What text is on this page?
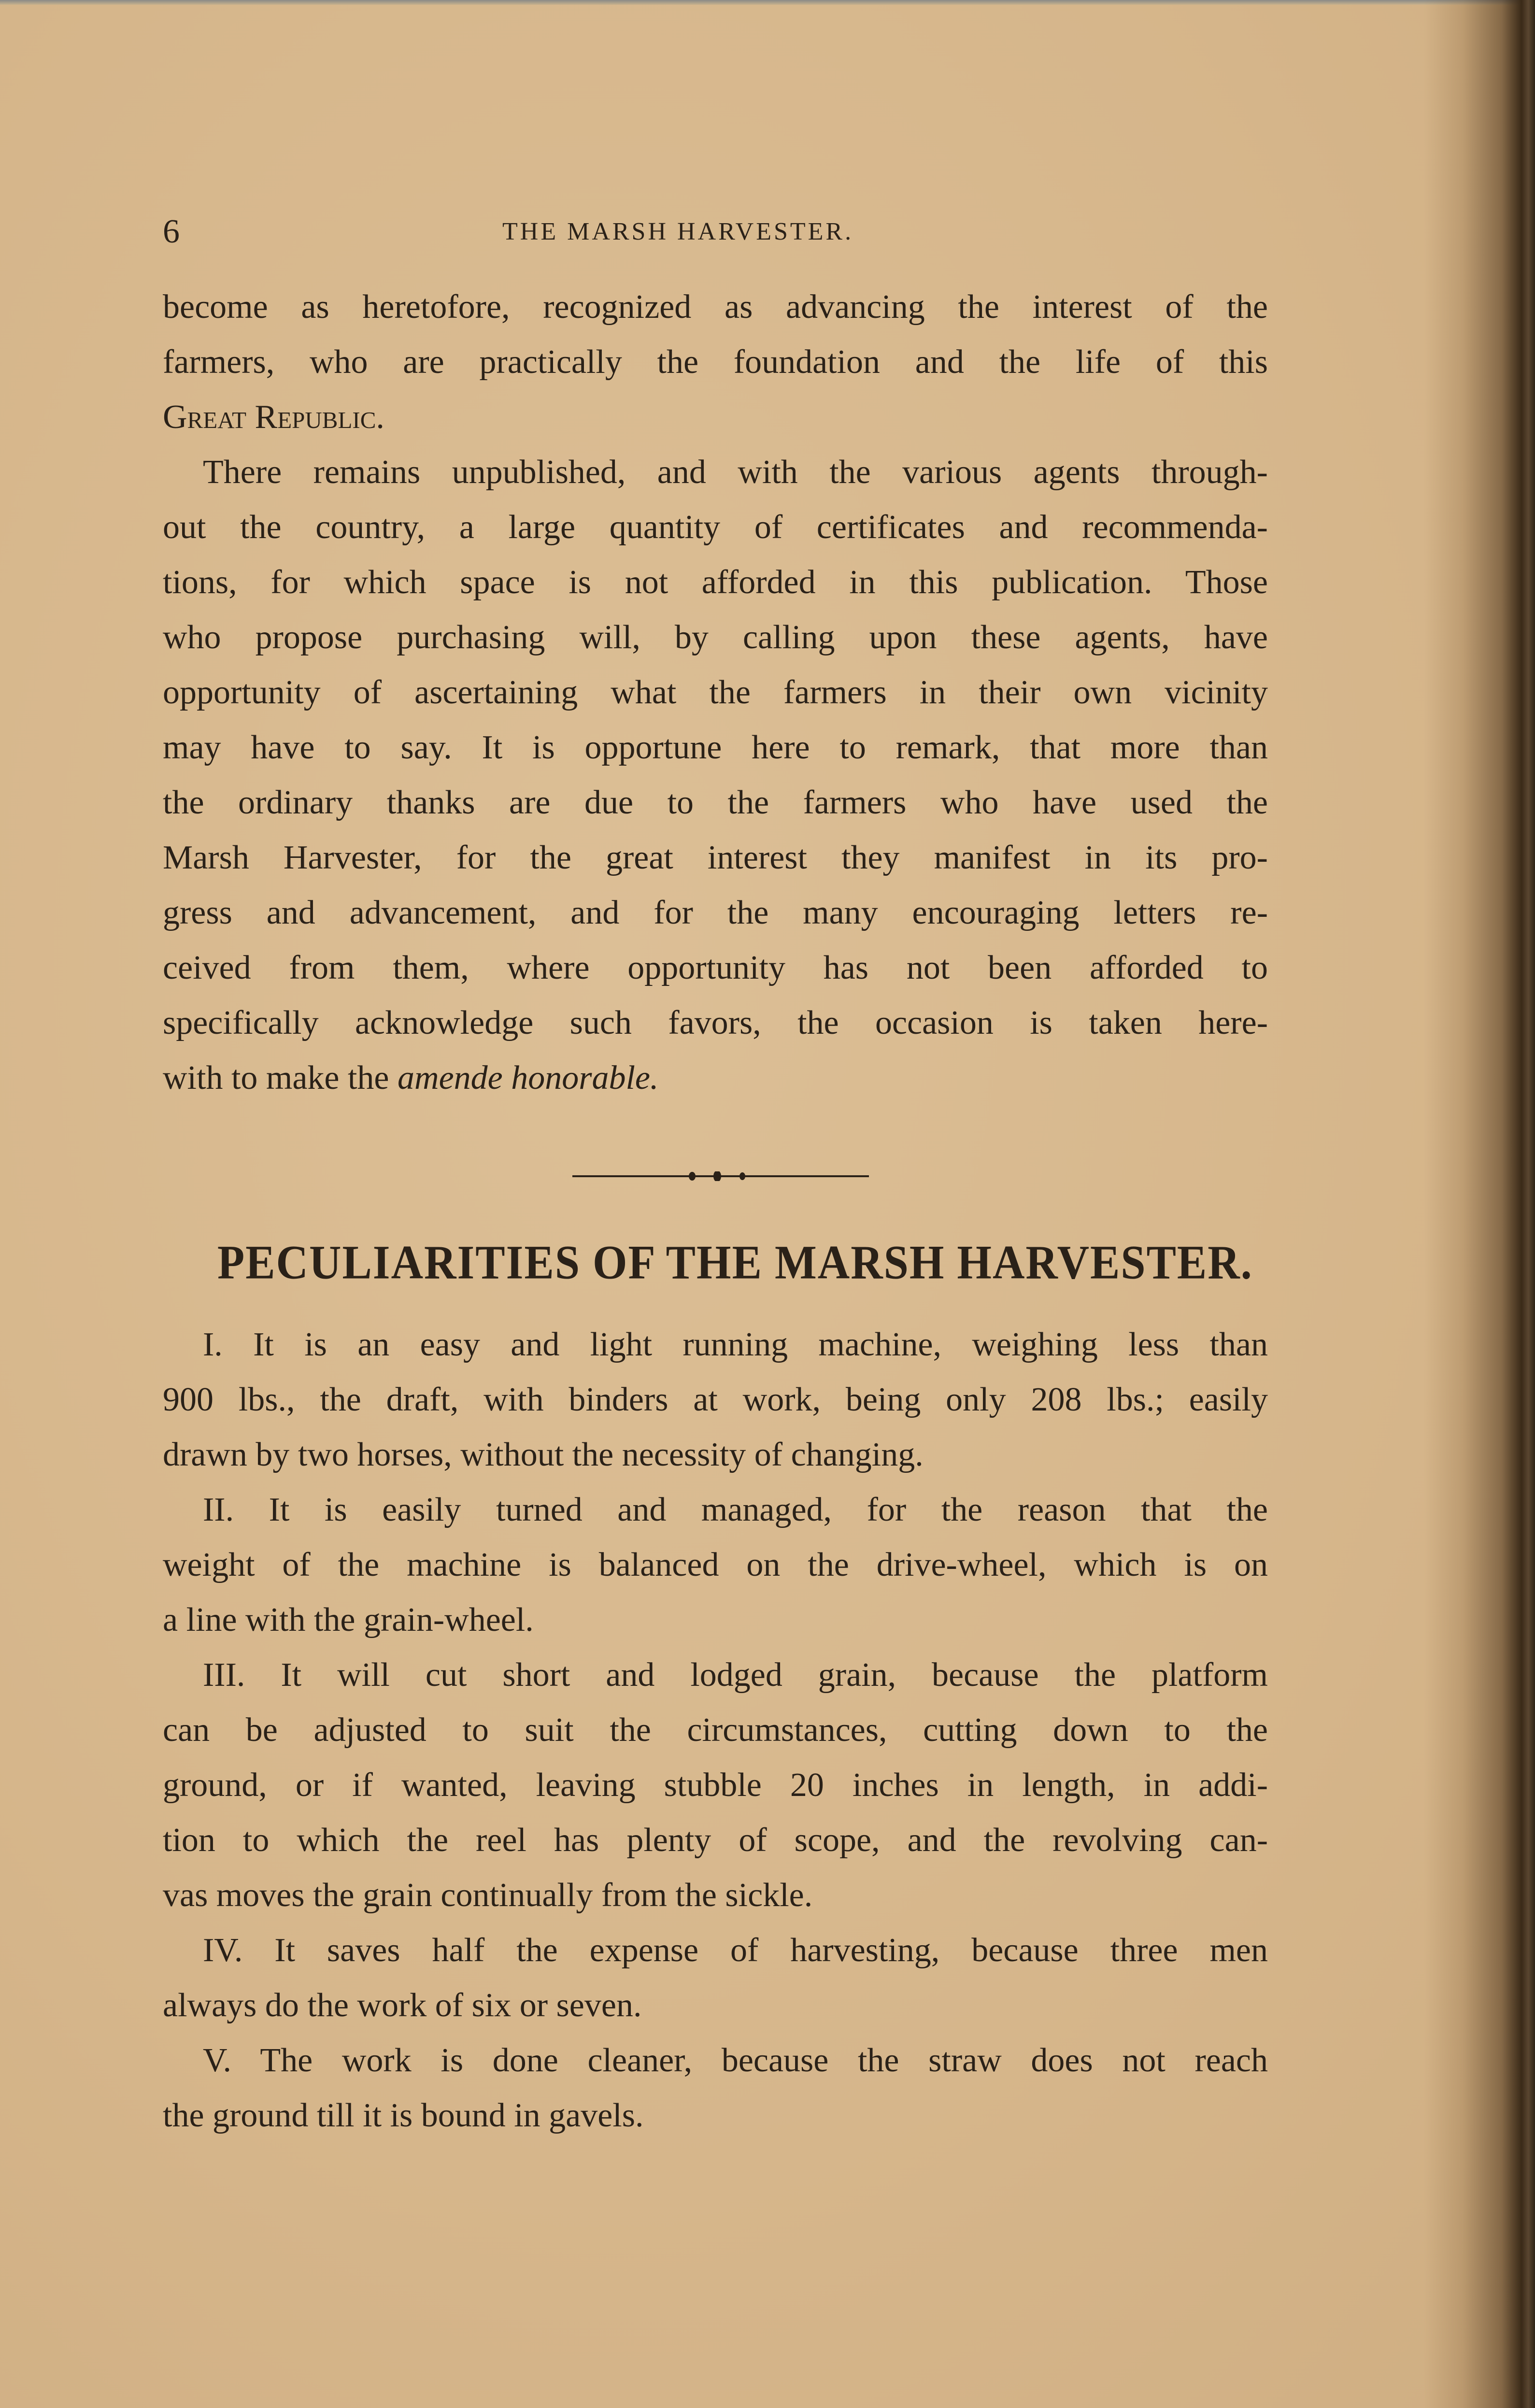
6	THE MARSH HARVESTER.
become as heretofore, recognized as advancing the interest of the
farmers, who are practically the foundation and the life of this
Great Republic.
There remains unpublished, and with the various agents through-
out the country, a large quantity of certificates and recommenda-
tions, for which space is not afforded in this publication. Those
who propose purchasing will, by calling upon these agents, have
opportunity of ascertaining what the farmers in their own vicinity
may have to say. It is opportune here to remark, that more than
the ordinary thanks are due to the farmers who have used the
Marsh Harvester, for the great interest they manifest in its pro-
gress and advancement, and for the many encouraging letters re-
ceived from them, where opportunity has not been afforded to
specifically acknowledge such favors, the occasion is taken here-
with to make the amende honorable.
PECULIARITIES OF THE MARSH HARVESTER.
I. It is an easy and light running machine, weighing less than
900 lbs., the draft, with binders at work, being only 208 lbs.; easily
drawn by two horses, without the necessity of changing.
II. It is easily turned and managed, for the reason that the
weight of the machine is balanced on the drive-wheel, which is on
a line with the grain-wheel.
III. It will cut short and lodged grain, because the platform
can be adjusted to suit the circumstances, cutting down to the
ground, or if wanted, leaving stubble 20 inches in length, in addi-
tion to which the reel has plenty of scope, and the revolving can-
vas moves the grain continually from the sickle.
IV. It saves half the expense of harvesting, because three men
always do the work of six or seven.
V. The work is done cleaner, because the straw does not reach
the ground till it is bound in gavels.
